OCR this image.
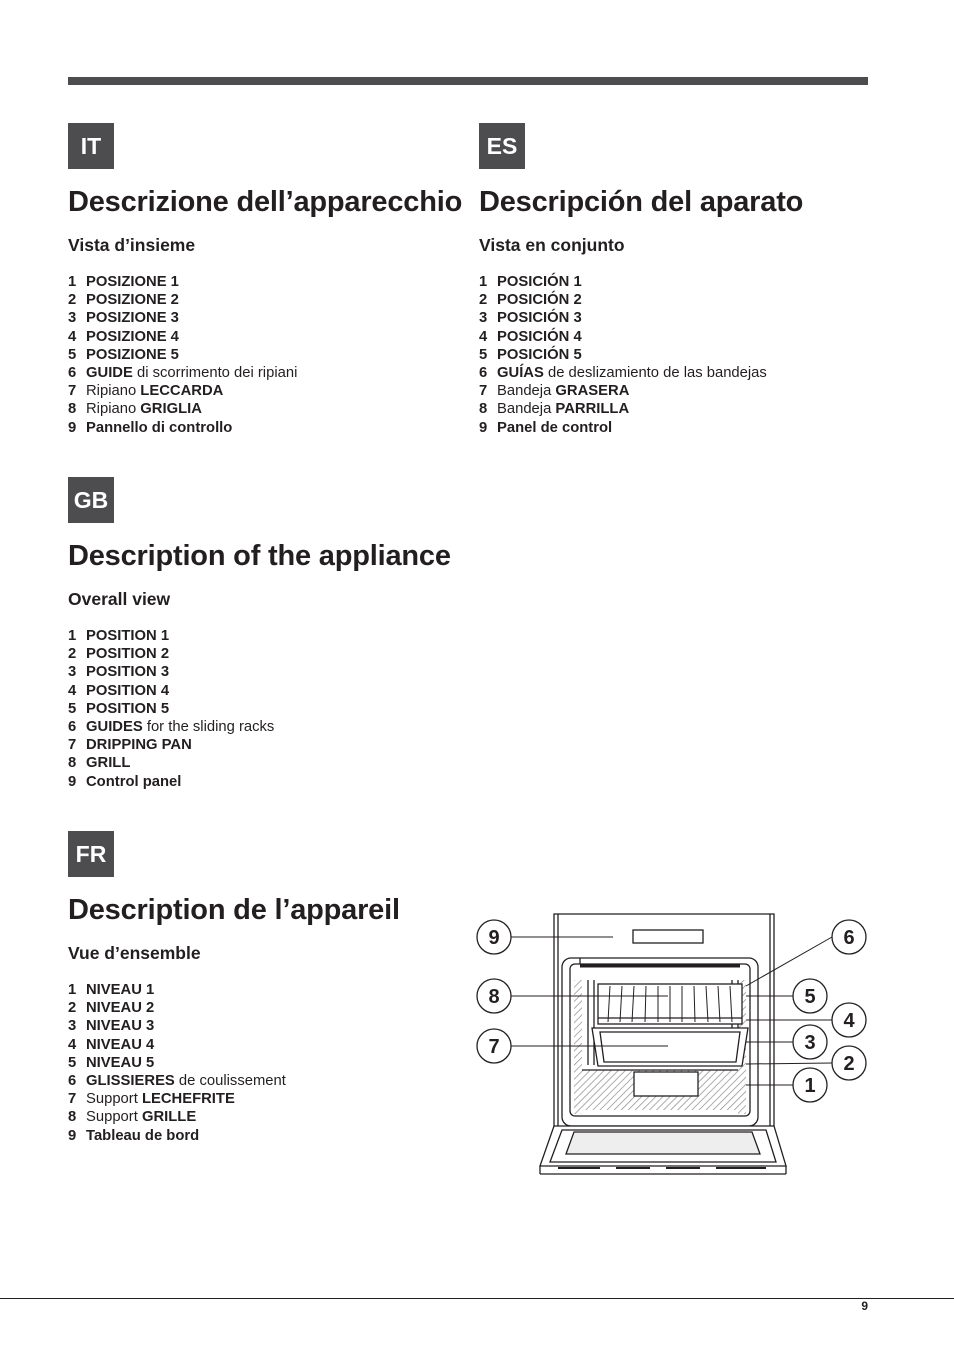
IT
Descrizione dell’apparecchio
Vista d’insieme
1 POSIZIONE 1
2 POSIZIONE 2
3 POSIZIONE 3
4 POSIZIONE 4
5 POSIZIONE 5
6 GUIDE di scorrimento dei ripiani
7 Ripiano LECCARDA
8 Ripiano GRIGLIA
9 Pannello di controllo
ES
Descripción del aparato
Vista en conjunto
1 POSICIÓN 1
2 POSICIÓN 2
3 POSICIÓN 3
4 POSICIÓN 4
5 POSICIÓN 5
6 GUÍAS de deslizamiento de las bandejas
7 Bandeja GRASERA
8 Bandeja PARRILLA
9 Panel de control
GB
Description of the appliance
Overall view
1 POSITION 1
2 POSITION 2
3 POSITION 3
4 POSITION 4
5 POSITION 5
6 GUIDES for the sliding racks
7 DRIPPING PAN
8 GRILL
9 Control panel
FR
Description de l’appareil
Vue d’ensemble
1 NIVEAU 1
2 NIVEAU 2
3 NIVEAU 3
4 NIVEAU 4
5 NIVEAU 5
6 GLISSIERES de coulissement
7 Support LECHEFRITE
8 Support GRILLE
9 Tableau de bord
9
8
7
6
5
4
3
2
1
9
